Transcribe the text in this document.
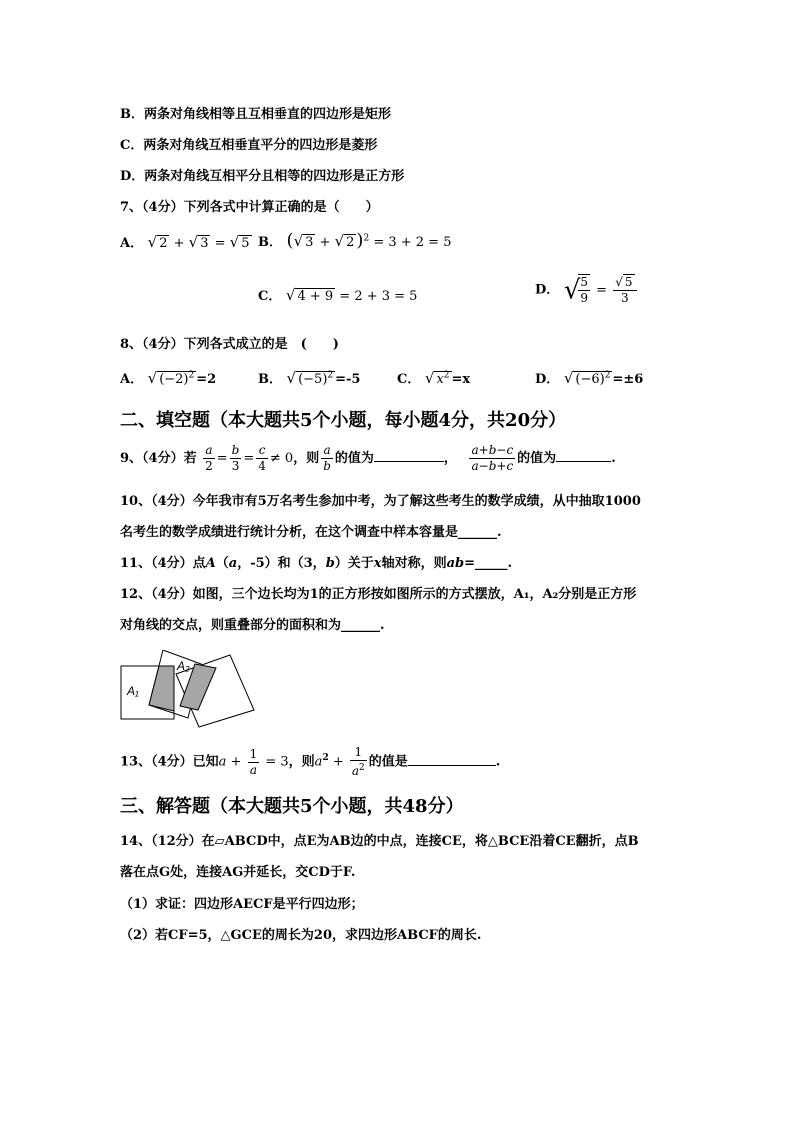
B．两条对角线相等且互相垂直的四边形是矩形
C．两条对角线互相垂直平分的四边形是菱形
D．两条对角线互相平分且相等的四边形是正方形
7、（4分）下列各式中计算正确的是（　　）
A． √ 2 + √ 3 = √ 5 B． (√ 3 + √ 2 )$^2$ = 3 + 2 = 5
C． √ 4 + 9 = 2 + 3 = 5	D． √
$\frac{5}{9} = \frac{√ 5}{3}$
8、（4分）下列各式成立的是　(　　)
A． √ $(-2)^2 =2$	B． √ $(-5)^2 =-5$	C． √ $x^2 =x$	D． √ $(-6)^2 =\pm 6$
二、填空题（本大题共5个小题，每小题4分，共20分）
9、（4分）若 $\frac{a}{2} = \frac{b}{3} = \frac{c}{4} \ne 0$，则 $\frac{a}{b}$ 的值为	， $\frac{a+b-c}{a-b+c}$ 的值为	.
10、（4分）今年我市有5万名考生参加中考，为了解这些考生的数学成绩，从中抽取1000
名考生的数学成绩进行统计分析，在这个调查中样本容量是______.
11、（4分）点A（a，-5）和（3，b）关于x轴对称，则ab=_____.
12、（4分）如图，三个边长均为1的正方形按如图所示的方式摆放，A₁，A₂分别是正方形
对角线的交点，则重叠部分的面积和为______.
A₁
A₂
13、（4分）已知$a + \frac{1}{a} = 3$，则$a^2 + \frac{1}{a^2}$ 的值是	.
三、解答题（本大题共5个小题，共48分）
14、（12分）在▱ABCD中，点E为AB边的中点，连接CE，将△BCE沿着CE翻折，点B
落在点G处，连接AG并延长，交CD于F.
（1）求证：四边形AECF是平行四边形；
（2）若CF=5，△GCE的周长为20，求四边形ABCF的周长.
